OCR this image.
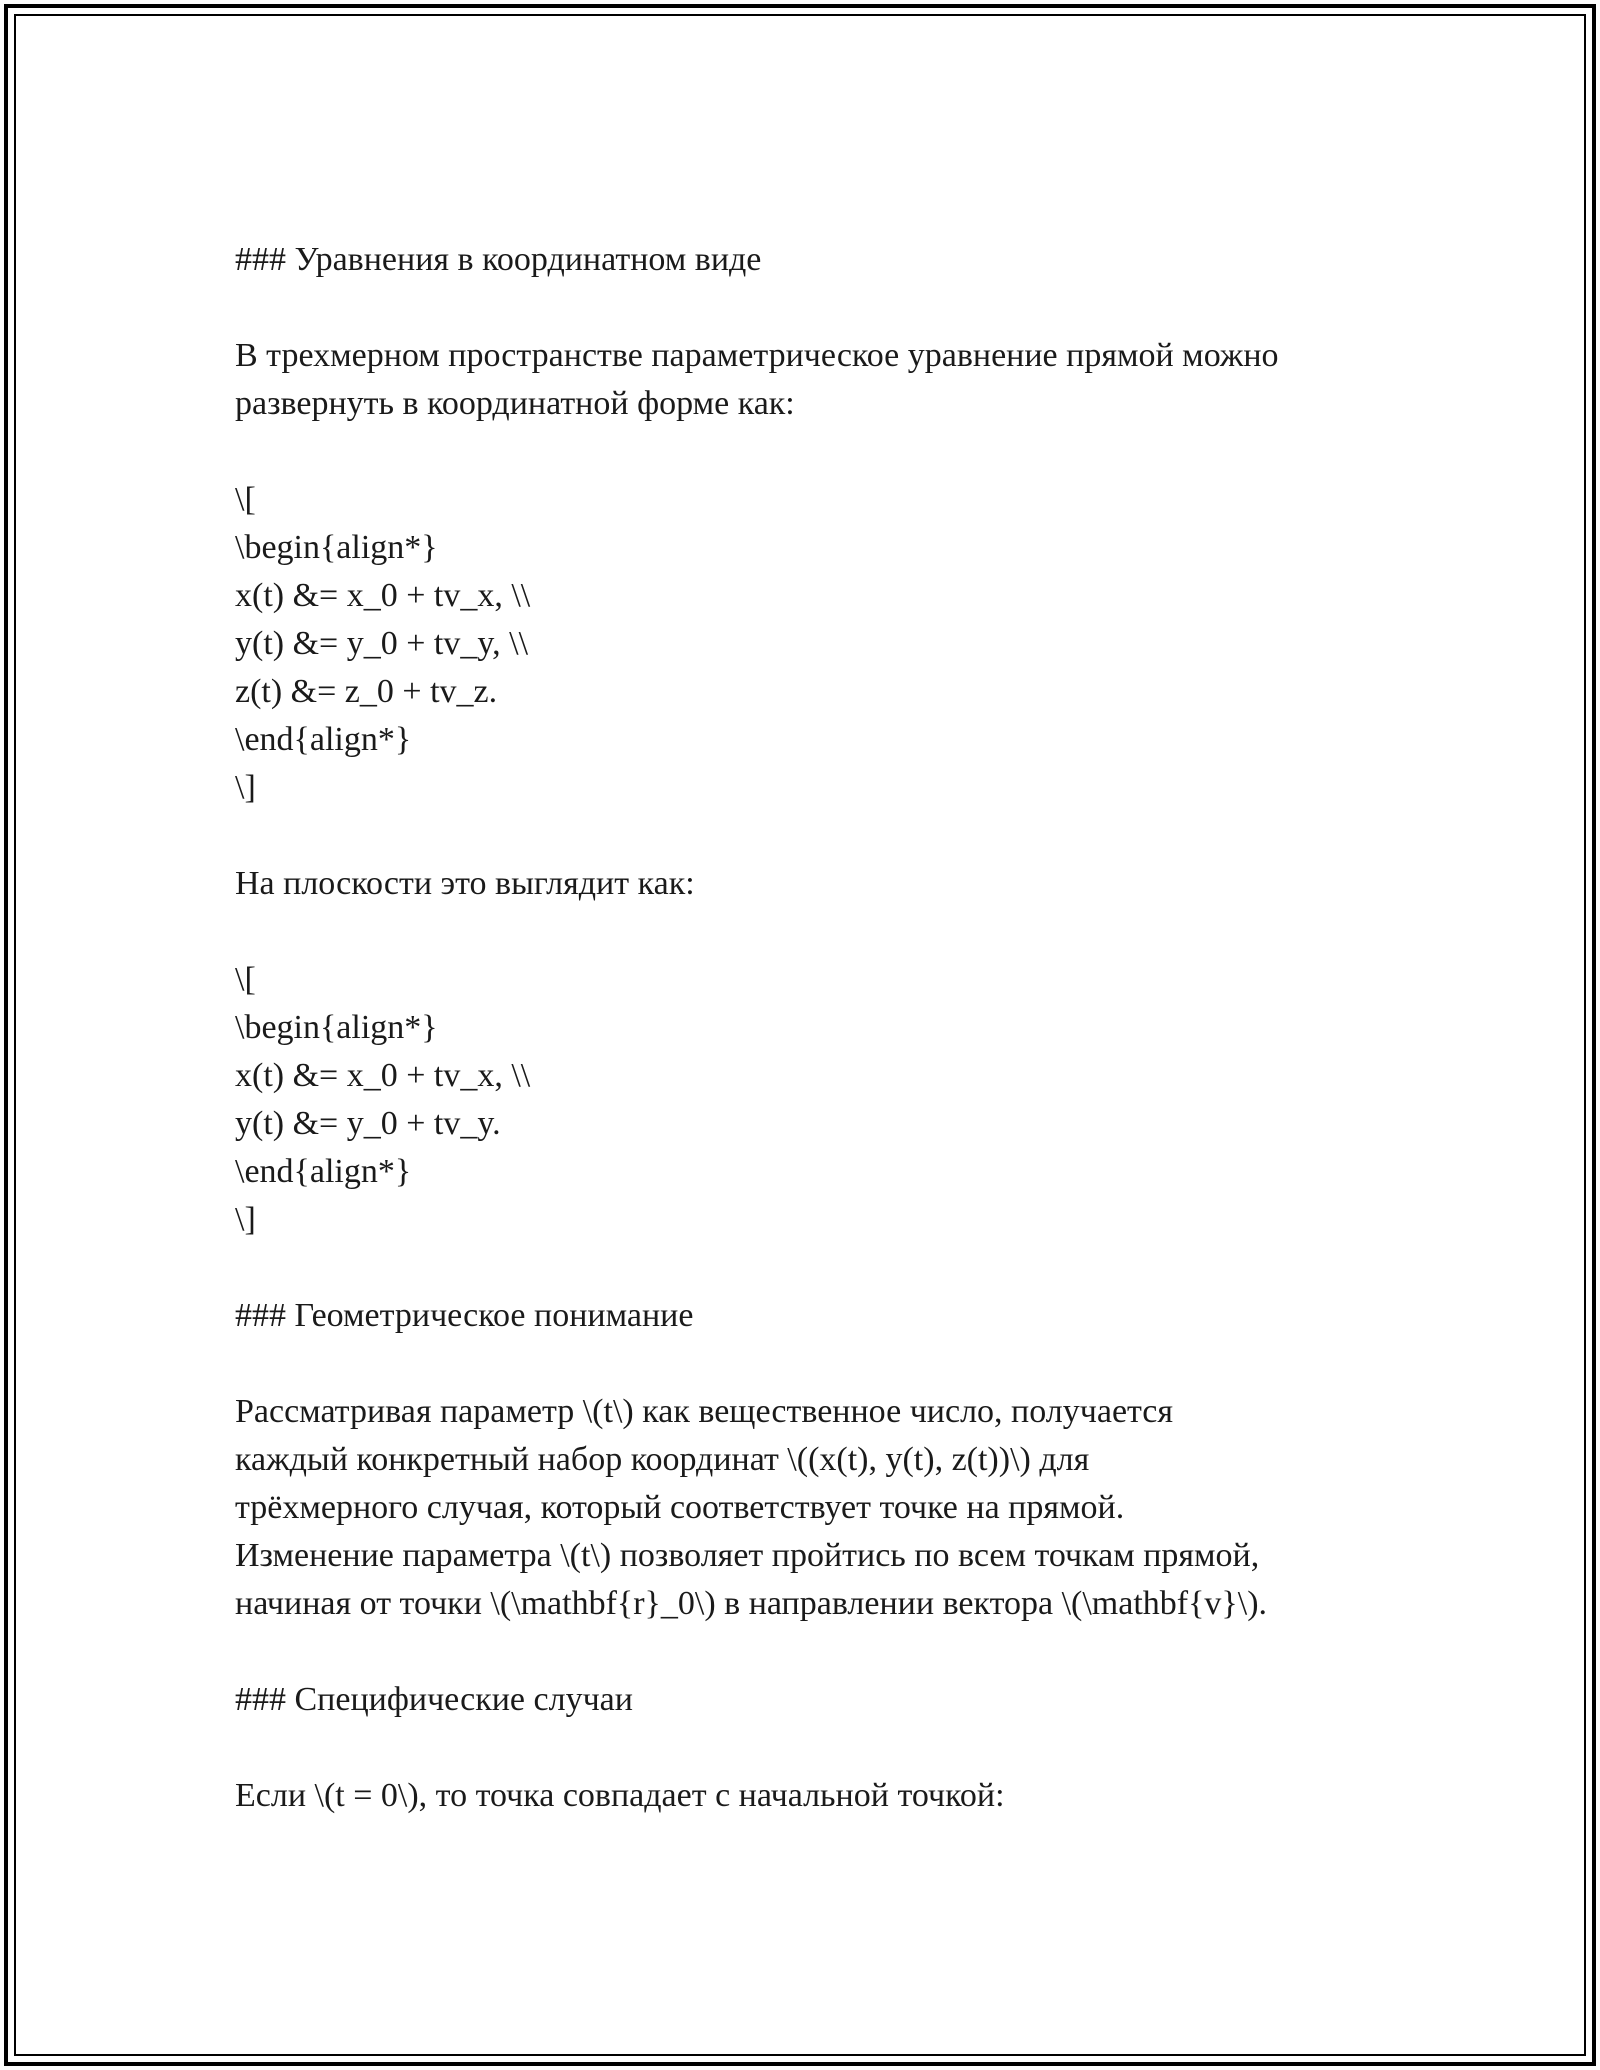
### Уравнения в координатном виде
В трехмерном пространстве параметрическое уравнение прямой можно
развернуть в координатной форме как:
\[
\begin{align*}
x(t) &= x_0 + tv_x, \\
y(t) &= y_0 + tv_y, \\
z(t) &= z_0 + tv_z.
\end{align*}
\]
На плоскости это выглядит как:
\[
\begin{align*}
x(t) &= x_0 + tv_x, \\
y(t) &= y_0 + tv_y.
\end{align*}
\]
### Геометрическое понимание
Рассматривая параметр \(t\) как вещественное число, получается
каждый конкретный набор координат \((x(t), y(t), z(t))\) для
трёхмерного случая, который соответствует точке на прямой.
Изменение параметра \(t\) позволяет пройтись по всем точкам прямой,
начиная от точки \(\mathbf{r}_0\) в направлении вектора \(\mathbf{v}\).
### Специфические случаи
Если \(t = 0\), то точка совпадает с начальной точкой:
